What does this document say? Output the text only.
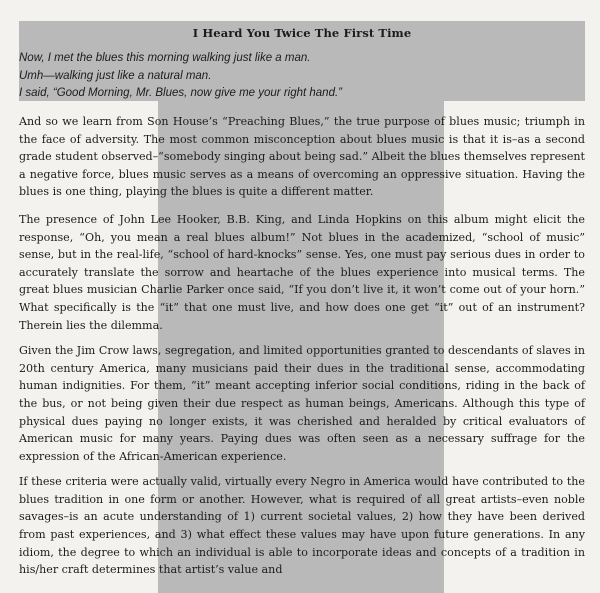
I Heard You Twice The First Time
Now, I met the blues this morning walking just like a man.
Umh—walking just like a natural man.
I said, “Good Morning, Mr. Blues, now give me your right hand.”

And so we learn from Son House’s “Preaching Blues,” the true purpose of blues music; triumph in the face of adversity. The most common misconception about blues music is that it is–as a second grade student observed–“somebody singing about being sad.” Albeit the blues themselves represent a negative force, blues music serves as a means of overcoming an oppressive situation. Having the blues is one thing, playing the blues is quite a different matter.

The presence of John Lee Hooker, B.B. King, and Linda Hopkins on this album might elicit the response, “Oh, you mean a real blues album!” Not blues in the academized, “school of music” sense, but in the real-life, “school of hard-knocks” sense. Yes, one must pay serious dues in order to accurately translate the sorrow and heartache of the blues experience into musical terms. The great blues musician Charlie Parker once said, “If you don’t live it, it won’t come out of your horn.” What specifically is the “it” that one must live, and how does one get “it” out of an instrument? Therein lies the dilemma.

Given the Jim Crow laws, segregation, and limited opportunities granted to descendants of slaves in 20th century America, many musicians paid their dues in the traditional sense, accommodating human indignities. For them, “it” meant accepting inferior social conditions, riding in the back of the bus, or not being given their due respect as human beings, Americans. Although this type of physical dues paying no longer exists, it was cherished and heralded by critical evaluators of American music for many years. Paying dues was often seen as a necessary suffrage for the expression of the African-American experience.

If these criteria were actually valid, virtually every Negro in America would have contributed to the blues tradition in one form or another. However, what is required of all great artists–even noble savages–is an acute understanding of 1) current societal values, 2) how they have been derived from past experiences, and 3) what effect these values may have upon future generations. In any idiom, the degree to which an individual is able to incorporate ideas and concepts of a tradition in his/her craft determines that artist’s value and
